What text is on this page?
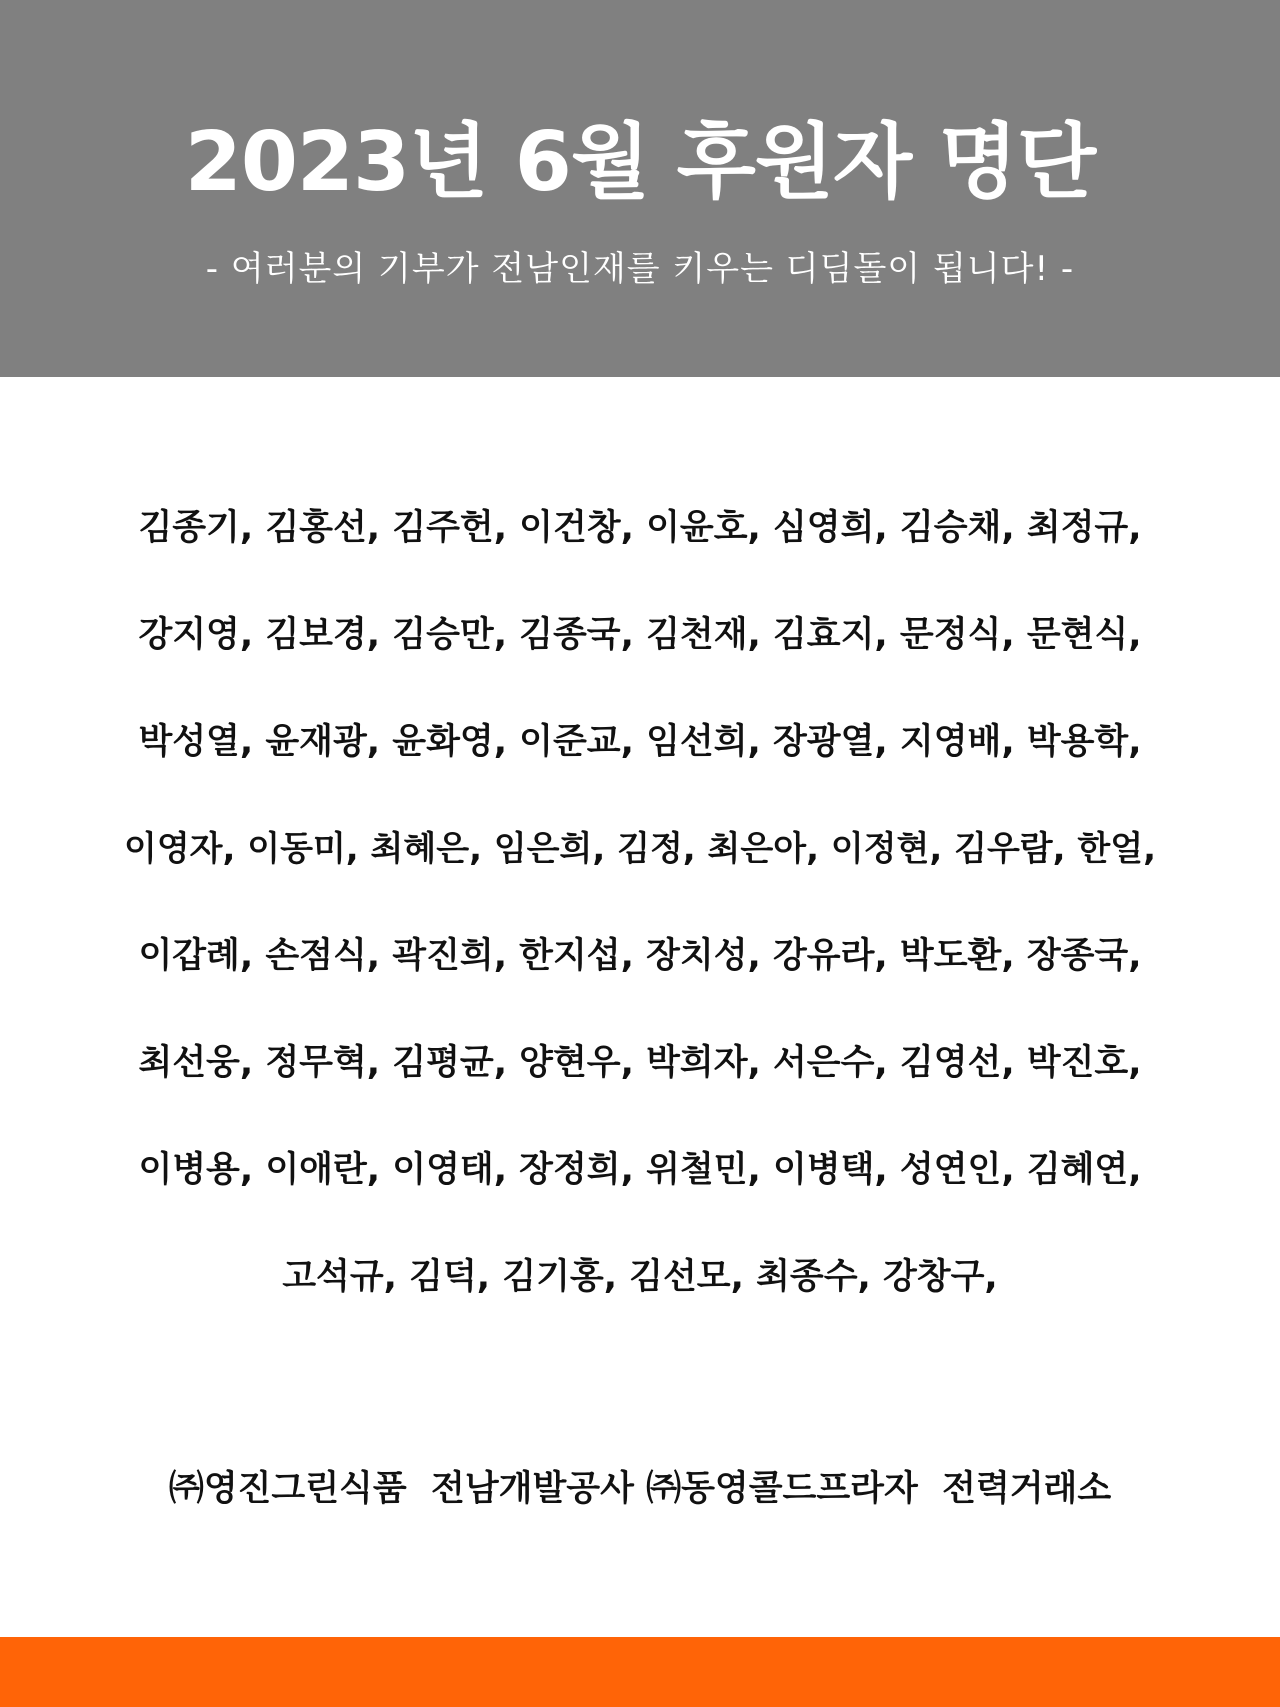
2023년 6월 후원자 명단
- 여러분의 기부가 전남인재를 키우는 디딤돌이 됩니다! -
김종기, 김홍선, 김주헌, 이건창, 이윤호, 심영희, 김승채, 최정규,
강지영, 김보경, 김승만, 김종국, 김천재, 김효지, 문정식, 문현식,
박성열, 윤재광, 윤화영, 이준교, 임선희, 장광열, 지영배, 박용학,
이영자, 이동미, 최혜은, 임은희, 김정, 최은아, 이정현, 김우람, 한얼,
이갑례, 손점식, 곽진희, 한지섭, 장치성, 강유라, 박도환, 장종국,
최선웅, 정무혁, 김평균, 양현우, 박희자, 서은수, 김영선, 박진호,
이병용, 이애란, 이영태, 장정희, 위철민, 이병택, 성연인, 김혜연,
고석규, 김덕, 김기홍, 김선모, 최종수, 강창구,
㈜영진그린식품  전남개발공사 ㈜동영콜드프라자  전력거래소
